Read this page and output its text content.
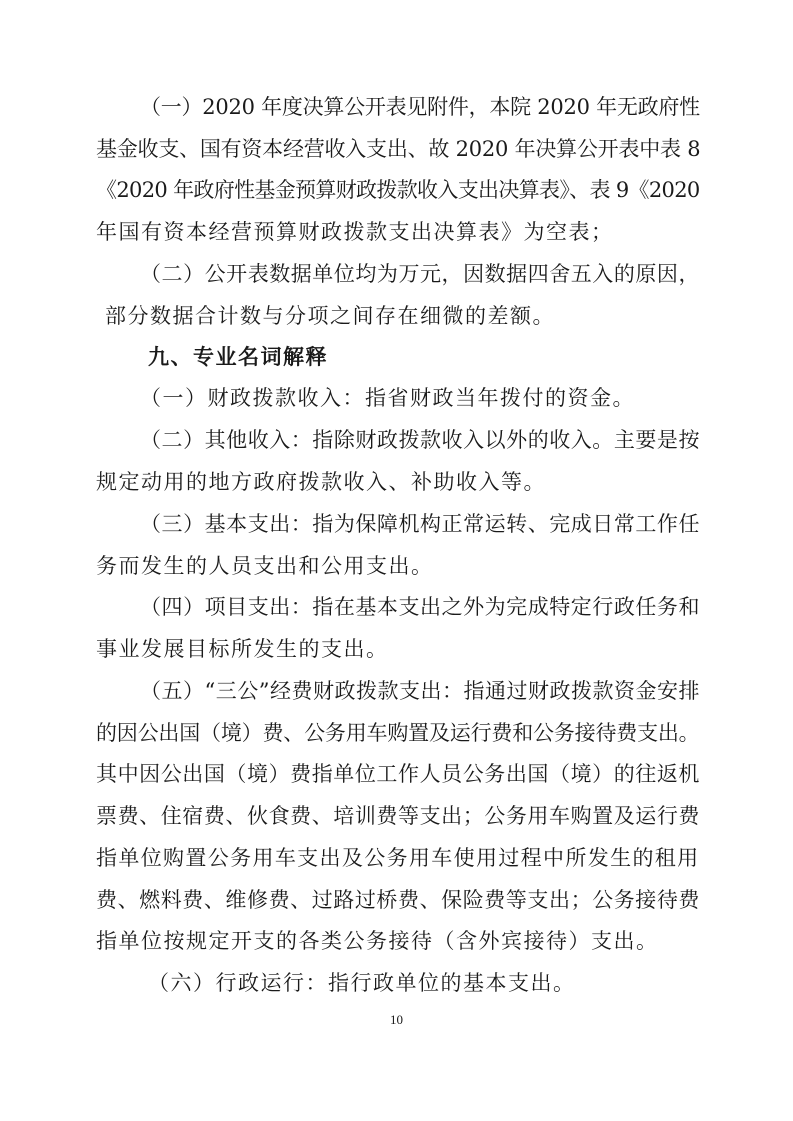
（一）2020 年度决算公开表见附件，本院 2020 年无政府性
基金收支、国有资本经营收入支出、故 2020 年决算公开表中表 8
《2020 年政府性基金预算财政拨款收入支出决算表》、表 9《2020
年国有资本经营预算财政拨款支出决算表》为空表；
（二）公开表数据单位均为万元，因数据四舍五入的原因，
部分数据合计数与分项之间存在细微的差额。
九、专业名词解释
（一）财政拨款收入：指省财政当年拨付的资金。
（二）其他收入：指除财政拨款收入以外的收入。主要是按
规定动用的地方政府拨款收入、补助收入等。
（三）基本支出：指为保障机构正常运转、完成日常工作任
务而发生的人员支出和公用支出。
（四）项目支出：指在基本支出之外为完成特定行政任务和
事业发展目标所发生的支出。
（五）“三公”经费财政拨款支出：指通过财政拨款资金安排
的因公出国（境）费、公务用车购置及运行费和公务接待费支出。
其中因公出国（境）费指单位工作人员公务出国（境）的往返机
票费、住宿费、伙食费、培训费等支出；公务用车购置及运行费
指单位购置公务用车支出及公务用车使用过程中所发生的租用
费、燃料费、维修费、过路过桥费、保险费等支出；公务接待费
指单位按规定开支的各类公务接待（含外宾接待）支出。
（六）行政运行：指行政单位的基本支出。
10
